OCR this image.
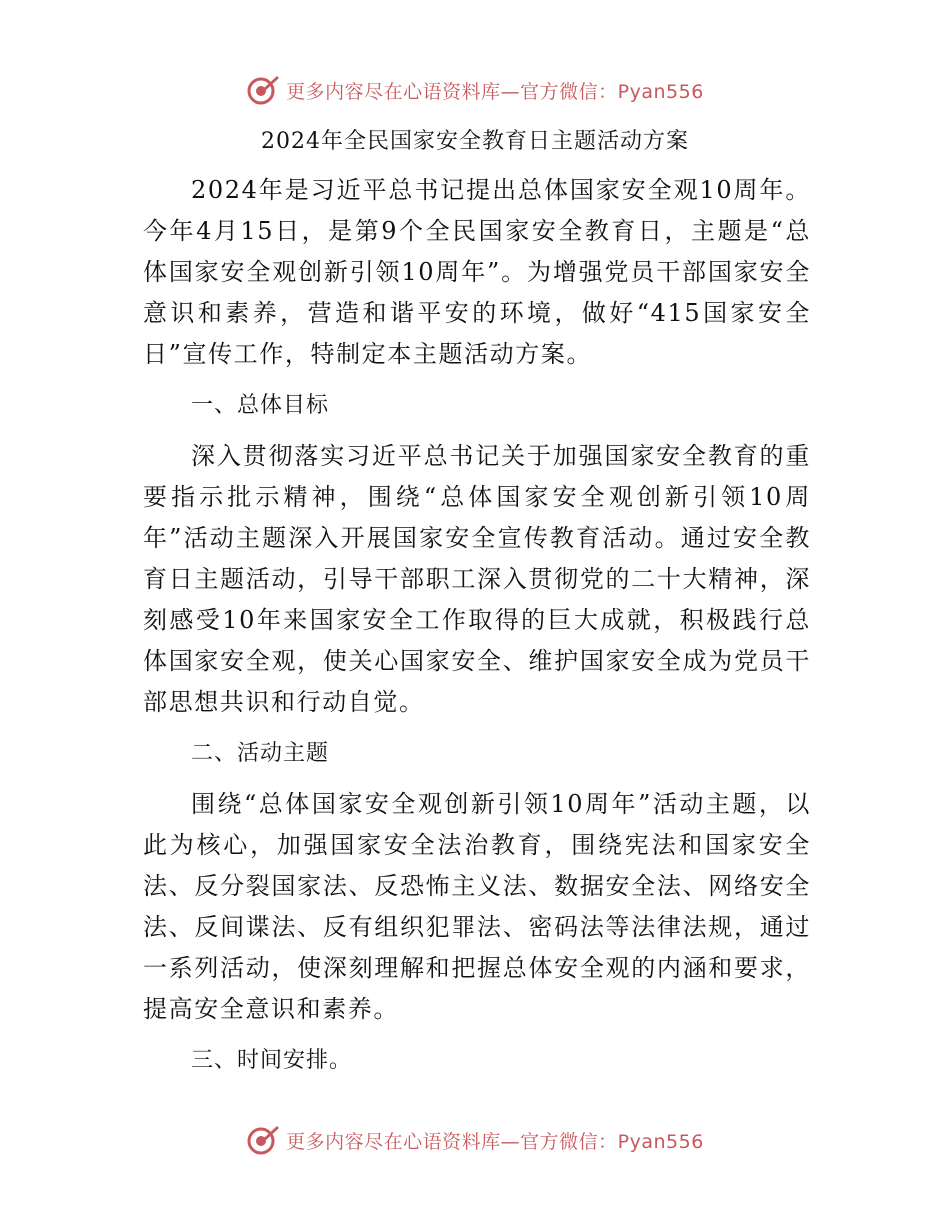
更多内容尽在心语资料库—官方微信：Pyan556
2024年全民国家安全教育日主题活动方案

2024年是习近平总书记提出总体国家安全观10周年。今年4月15日，是第9个全民国家安全教育日，主题是“总体国家安全观创新引领10周年”。为增强党员干部国家安全意识和素养，营造和谐平安的环境，做好“415国家安全日”宣传工作，特制定本主题活动方案。

一、总体目标

深入贯彻落实习近平总书记关于加强国家安全教育的重要指示批示精神，围绕“总体国家安全观创新引领10周年”活动主题深入开展国家安全宣传教育活动。通过安全教育日主题活动，引导干部职工深入贯彻党的二十大精神，深刻感受10年来国家安全工作取得的巨大成就，积极践行总体国家安全观，使关心国家安全、维护国家安全成为党员干部思想共识和行动自觉。

二、活动主题

围绕“总体国家安全观创新引领10周年”活动主题，以此为核心，加强国家安全法治教育，围绕宪法和国家安全法、反分裂国家法、反恐怖主义法、数据安全法、网络安全法、反间谍法、反有组织犯罪法、密码法等法律法规，通过一系列活动，使深刻理解和把握总体安全观的内涵和要求，提高安全意识和素养。

三、时间安排。

更多内容尽在心语资料库—官方微信：Pyan556
